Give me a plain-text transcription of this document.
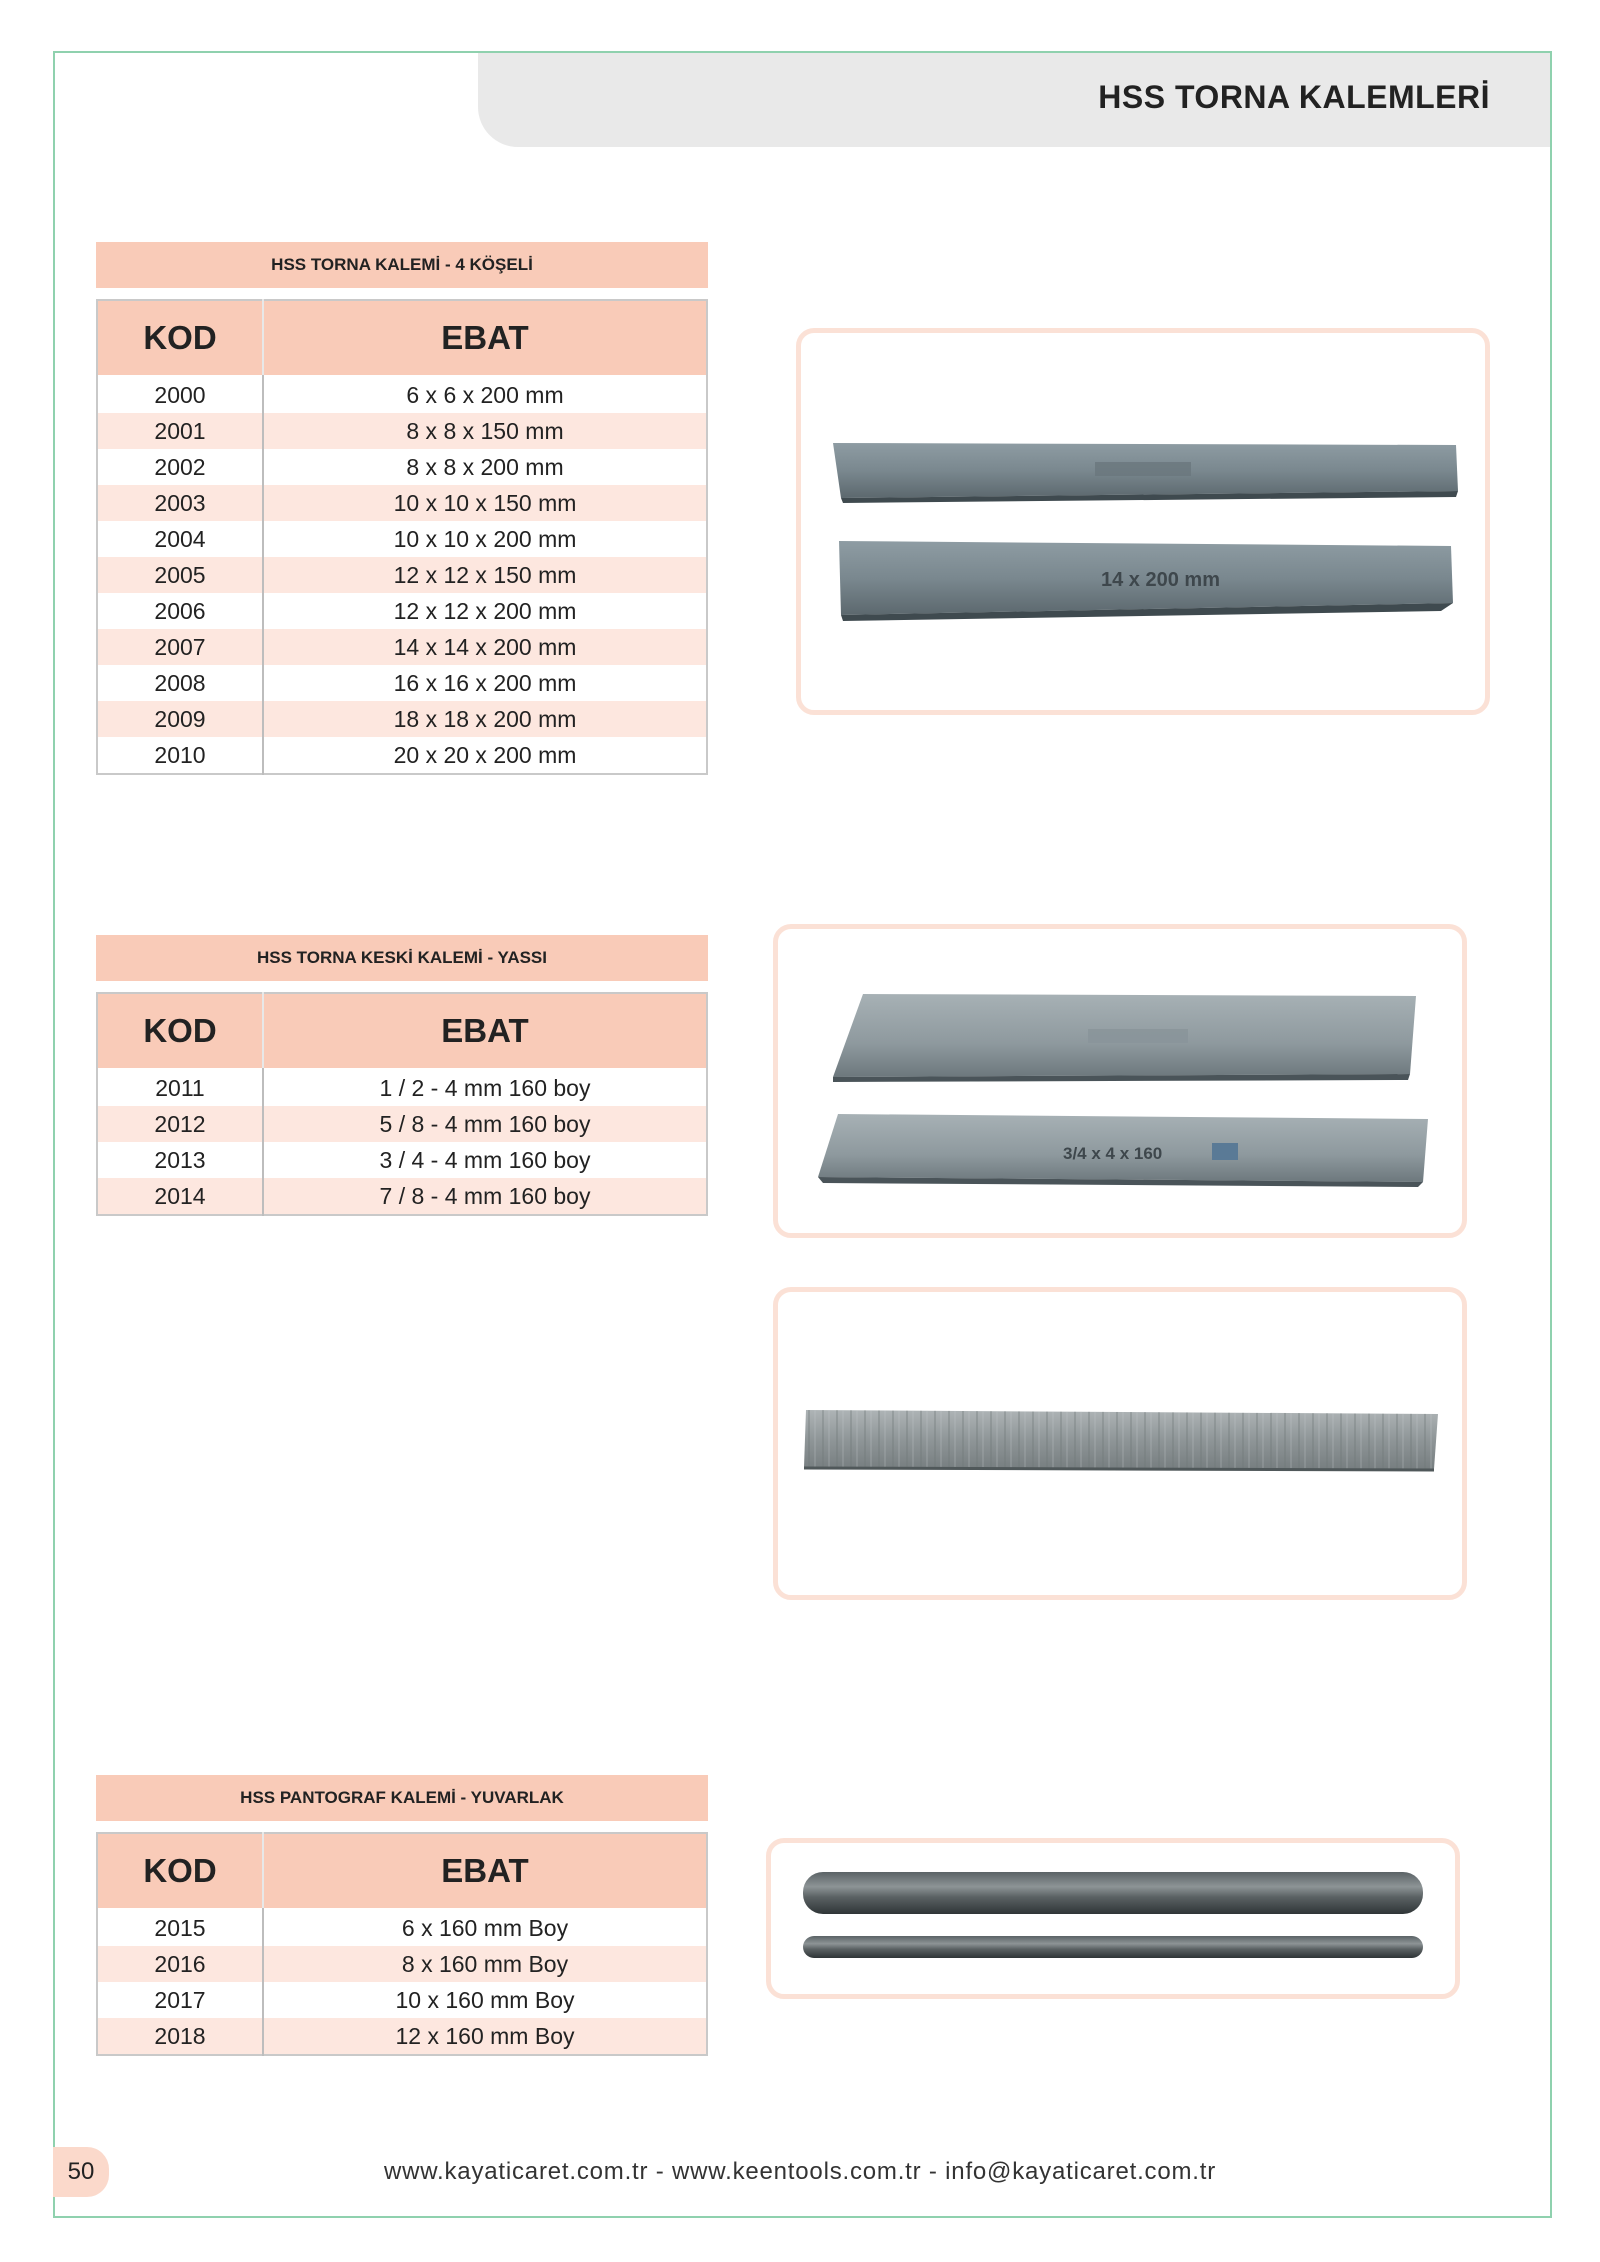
HSS TORNA KALEMLERİ
HSS TORNA KALEMİ - 4 KÖŞELİ
KOD	EBAT
2000	6 x 6 x 200 mm
2001	8 x 8 x 150 mm
2002	8 x 8 x 200 mm
2003	10 x 10 x 150 mm
2004	10 x 10 x 200 mm
2005	12 x 12 x 150 mm
2006	12 x 12 x 200 mm
2007	14 x 14 x 200 mm
2008	16 x 16 x 200 mm
2009	18 x 18 x 200 mm
2010	20 x 20 x 200 mm
HSS TORNA KESKİ KALEMİ - YASSI
KOD	EBAT
2011	1 / 2 - 4 mm 160 boy
2012	5 / 8 - 4 mm 160 boy
2013	3 / 4 - 4 mm 160 boy
2014	7 / 8 - 4 mm 160 boy
HSS PANTOGRAF KALEMİ - YUVARLAK
KOD	EBAT
2015	6 x 160 mm Boy
2016	8 x 160 mm Boy
2017	10 x 160 mm Boy
2018	12 x 160 mm Boy
14 x 200 mm
3/4 x 4 x 160
50	www.kayaticaret.com.tr - www.keentools.com.tr - info@kayaticaret.com.tr
